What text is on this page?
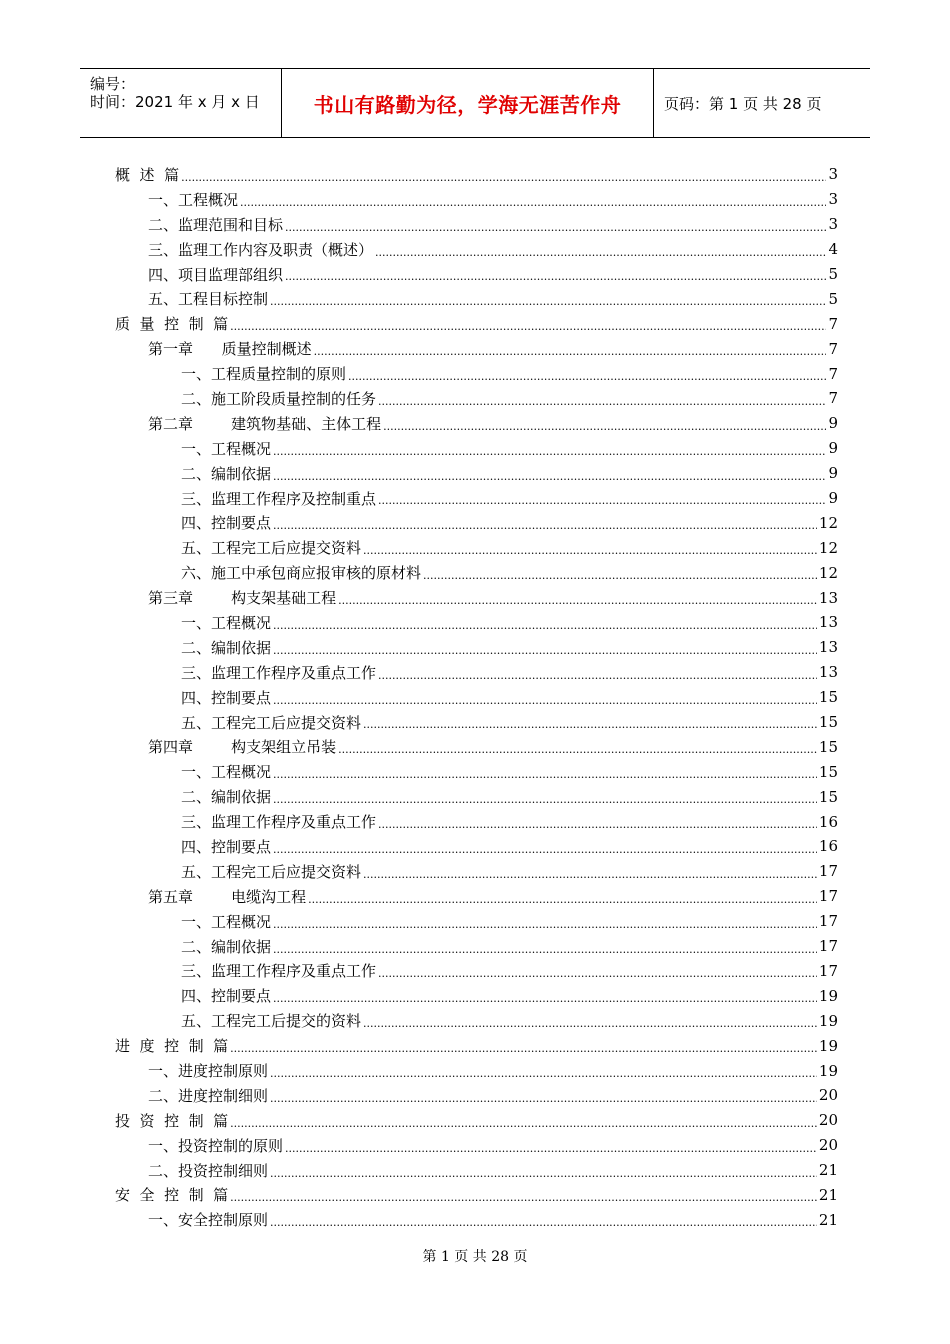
编号：
时间：2021 年 x 月 x 日	书山有路勤为径，学海无涯苦作舟	页码：第 1 页 共 28 页
概  述  篇 .....	3
一、工程概况 .....	3
二、监理范围和目标 .....	3
三、监理工作内容及职责（概述） .....	4
四、项目监理部组织 .....	5
五、工程目标控制 .....	5
质  量  控  制  篇 .....	7
第一章      质量控制概述 .....	7
一、工程质量控制的原则 .....	7
二、施工阶段质量控制的任务 .....	7
第二章        建筑物基础、主体工程 .....	9
一、工程概况 .....	9
二、编制依据 .....	9
三、监理工作程序及控制重点 .....	9
四、控制要点 .....	12
五、工程完工后应提交资料 .....	12
六、施工中承包商应报审核的原材料 .....	12
第三章        构支架基础工程 .....	13
一、工程概况 .....	13
二、编制依据 .....	13
三、监理工作程序及重点工作 .....	13
四、控制要点 .....	15
五、工程完工后应提交资料 .....	15
第四章        构支架组立吊装 .....	15
一、工程概况 .....	15
二、编制依据 .....	15
三、监理工作程序及重点工作 .....	16
四、控制要点 .....	16
五、工程完工后应提交资料 .....	17
第五章        电缆沟工程 .....	17
一、工程概况 .....	17
二、编制依据 .....	17
三、监理工作程序及重点工作 .....	17
四、控制要点 .....	19
五、工程完工后提交的资料 .....	19
进  度  控  制  篇 .....	19
一、进度控制原则 .....	19
二、进度控制细则 .....	20
投  资  控  制  篇 .....	20
一、投资控制的原则 .....	20
二、投资控制细则 .....	21
安  全  控  制  篇 .....	21
一、安全控制原则 .....	21
第 1 页 共 28 页
